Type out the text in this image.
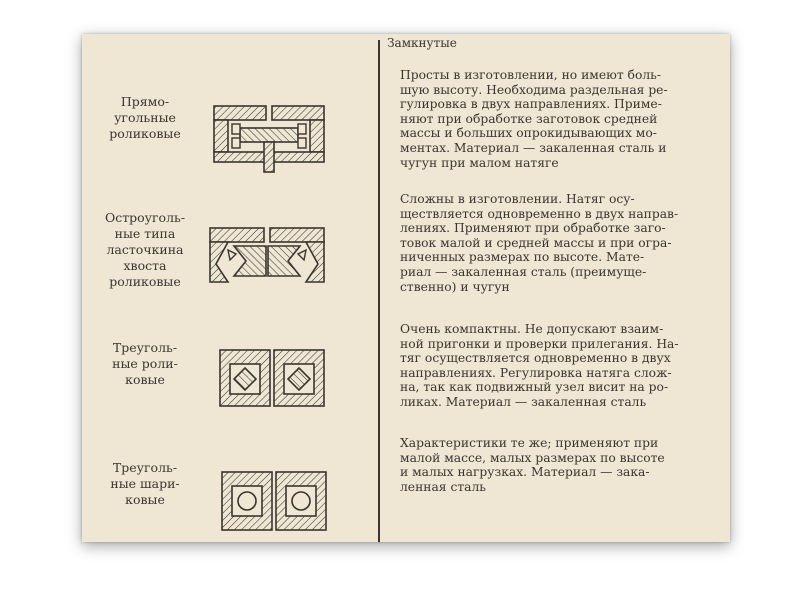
Замкнутые
Прямо-
угольные
роликовые
Просты в изготовлении, но имеют боль-
шую высоту. Необходима раздельная ре-
гулировка в двух направлениях. Приме-
няют при обработке заготовок средней
массы и больших опрокидывающих мо-
ментах. Материал — закаленная сталь и
чугун при малом натяге
Остроуголь-
ные типа
ласточкина
хвоста
роликовые
Сложны в изготовлении. Натяг осу-
ществляется одновременно в двух направ-
лениях. Применяют при обработке заго-
товок малой и средней массы и при огра-
ниченных размерах по высоте. Мате-
риал — закаленная сталь (преимуще-
ственно) и чугун
Треуголь-
ные роли-
ковые
Очень компактны. Не допускают взаим-
ной пригонки и проверки прилегания. На-
тяг осуществляется одновременно в двух
направлениях. Регулировка натяга слож-
на, так как подвижный узел висит на ро-
ликах. Материал — закаленная сталь
Треуголь-
ные шари-
ковые
Характеристики те же; применяют при
малой массе, малых размерах по высоте
и малых нагрузках. Материал — зака-
ленная сталь
